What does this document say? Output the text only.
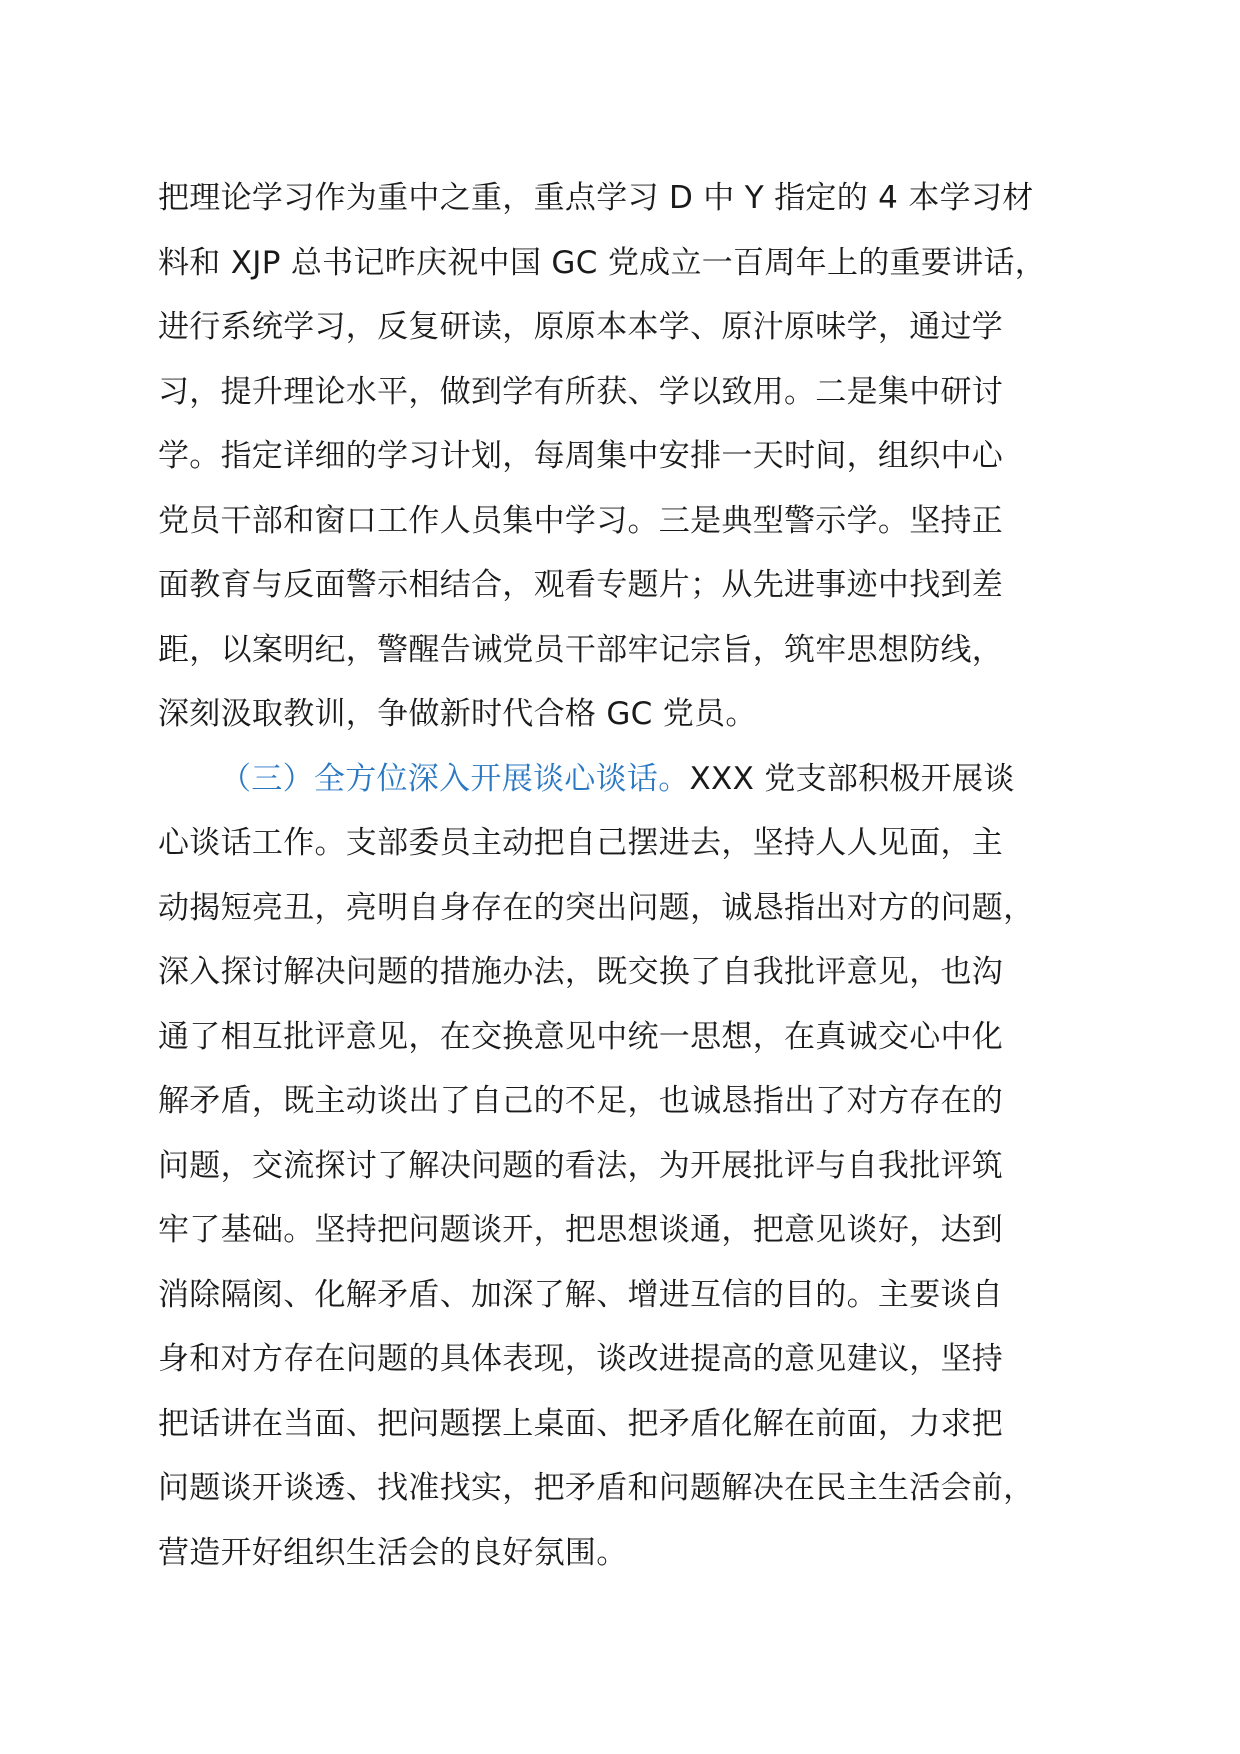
把理论学习作为重中之重，重点学习 D 中 Y 指定的 4 本学习材
料和 XJP 总书记昨庆祝中国 GC 党成立一百周年上的重要讲话，
进行系统学习，反复研读，原原本本学、原汁原味学，通过学
习，提升理论水平，做到学有所获、学以致用。二是集中研讨
学。指定详细的学习计划，每周集中安排一天时间，组织中心
党员干部和窗口工作人员集中学习。三是典型警示学。坚持正
面教育与反面警示相结合，观看专题片；从先进事迹中找到差
距，以案明纪，警醒告诫党员干部牢记宗旨，筑牢思想防线，
深刻汲取教训，争做新时代合格 GC 党员。
（三）全方位深入开展谈心谈话。XXX 党支部积极开展谈
心谈话工作。支部委员主动把自己摆进去，坚持人人见面，主
动揭短亮丑，亮明自身存在的突出问题，诚恳指出对方的问题，
深入探讨解决问题的措施办法，既交换了自我批评意见，也沟
通了相互批评意见，在交换意见中统一思想，在真诚交心中化
解矛盾，既主动谈出了自己的不足，也诚恳指出了对方存在的
问题，交流探讨了解决问题的看法，为开展批评与自我批评筑
牢了基础。坚持把问题谈开，把思想谈通，把意见谈好，达到
消除隔阂、化解矛盾、加深了解、增进互信的目的。主要谈自
身和对方存在问题的具体表现，谈改进提高的意见建议，坚持
把话讲在当面、把问题摆上桌面、把矛盾化解在前面，力求把
问题谈开谈透、找准找实，把矛盾和问题解决在民主生活会前，
营造开好组织生活会的良好氛围。
